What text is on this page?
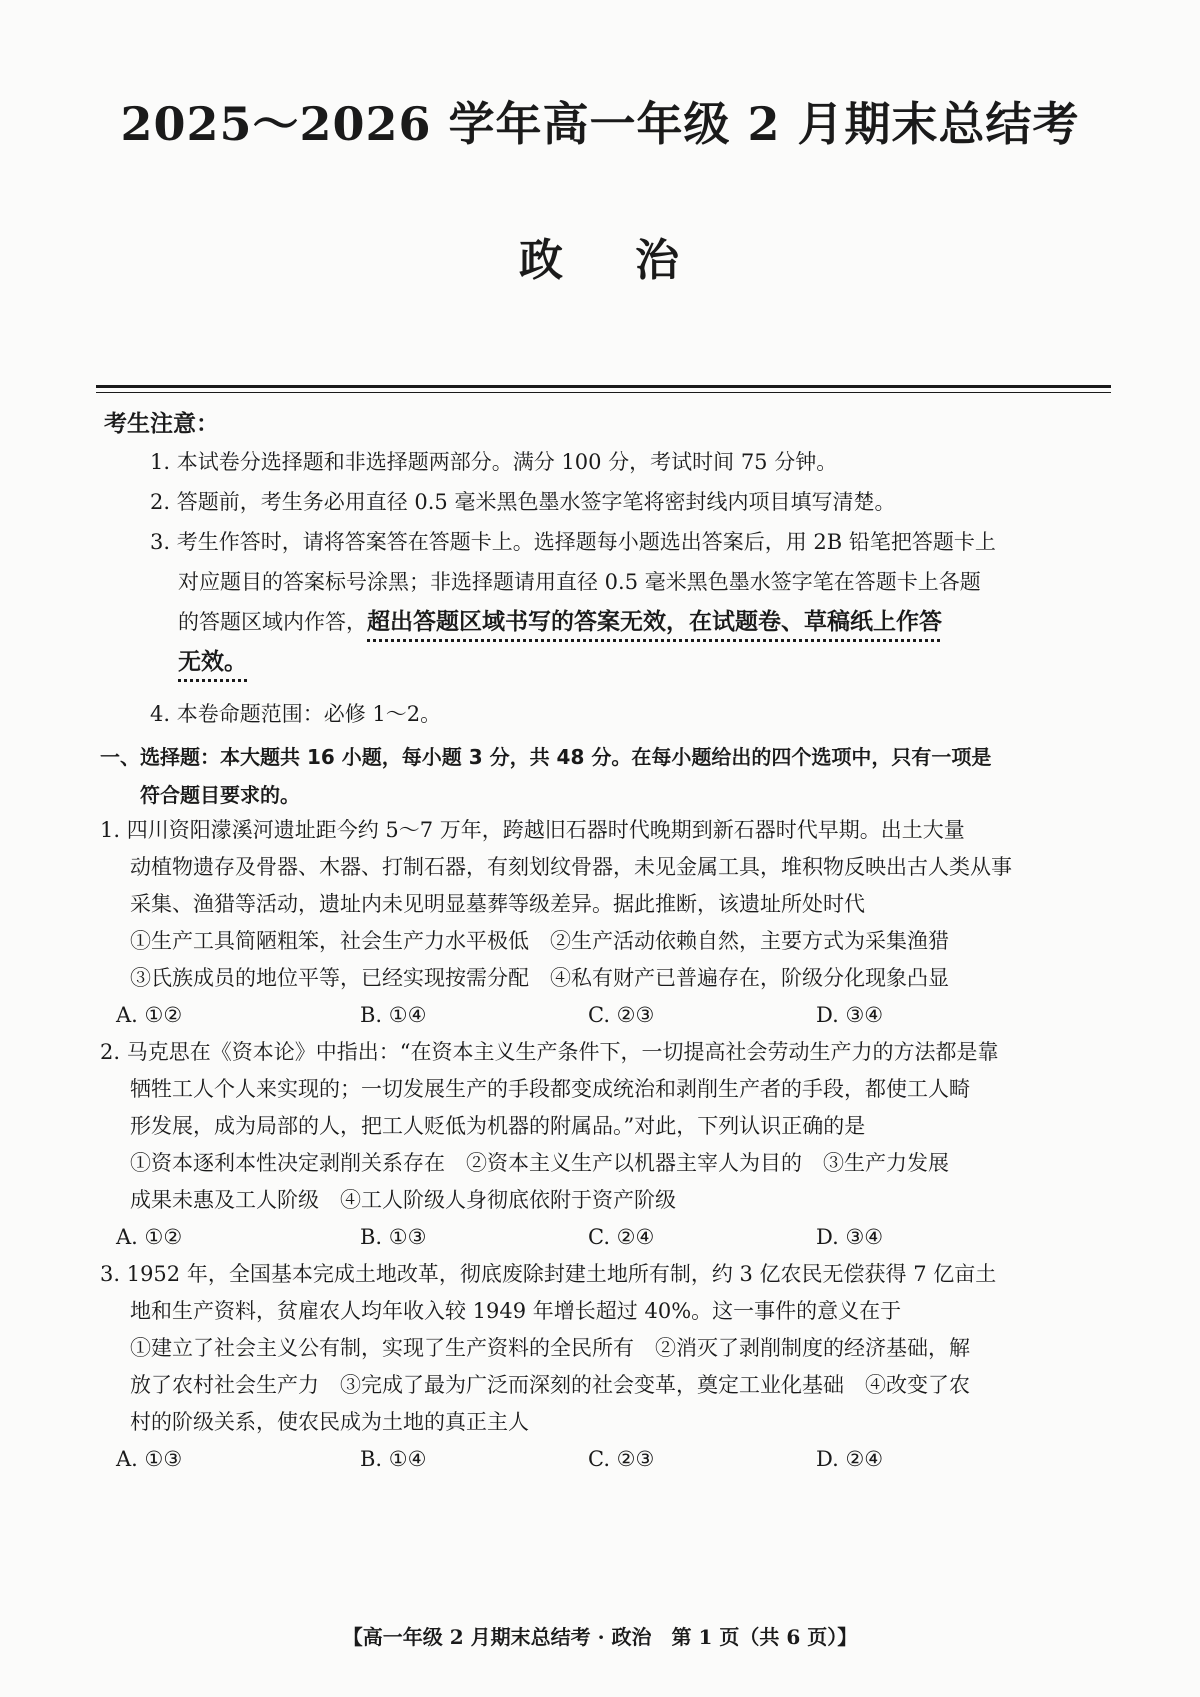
2025～2026 学年高一年级 2 月期末总结考
政 治
考生注意：
1. 本试卷分选择题和非选择题两部分。满分 100 分，考试时间 75 分钟。
2. 答题前，考生务必用直径 0.5 毫米黑色墨水签字笔将密封线内项目填写清楚。
3. 考生作答时，请将答案答在答题卡上。选择题每小题选出答案后，用 2B 铅笔把答题卡上
对应题目的答案标号涂黑；非选择题请用直径 0.5 毫米黑色墨水签字笔在答题卡上各题
的答题区域内作答，超出答题区域书写的答案无效，在试题卷、草稿纸上作答
无效。
4. 本卷命题范围：必修 1～2。
一、选择题：本大题共 16 小题，每小题 3 分，共 48 分。在每小题给出的四个选项中，只有一项是
符合题目要求的。
1. 四川资阳濛溪河遗址距今约 5～7 万年，跨越旧石器时代晚期到新石器时代早期。出土大量
动植物遗存及骨器、木器、打制石器，有刻划纹骨器，未见金属工具，堆积物反映出古人类从事
采集、渔猎等活动，遗址内未见明显墓葬等级差异。据此推断，该遗址所处时代
①生产工具简陋粗笨，社会生产力水平极低　②生产活动依赖自然，主要方式为采集渔猎
③氏族成员的地位平等，已经实现按需分配　④私有财产已普遍存在，阶级分化现象凸显
A. ①②	B. ①④	C. ②③	D. ③④
2. 马克思在《资本论》中指出：“在资本主义生产条件下，一切提高社会劳动生产力的方法都是靠
牺牲工人个人来实现的；一切发展生产的手段都变成统治和剥削生产者的手段，都使工人畸
形发展，成为局部的人，把工人贬低为机器的附属品。”对此，下列认识正确的是
①资本逐利本性决定剥削关系存在　②资本主义生产以机器主宰人为目的　③生产力发展
成果未惠及工人阶级　④工人阶级人身彻底依附于资产阶级
A. ①②	B. ①③	C. ②④	D. ③④
3. 1952 年，全国基本完成土地改革，彻底废除封建土地所有制，约 3 亿农民无偿获得 7 亿亩土
地和生产资料，贫雇农人均年收入较 1949 年增长超过 40%。这一事件的意义在于
①建立了社会主义公有制，实现了生产资料的全民所有　②消灭了剥削制度的经济基础，解
放了农村社会生产力　③完成了最为广泛而深刻的社会变革，奠定工业化基础　④改变了农
村的阶级关系，使农民成为土地的真正主人
A. ①③	B. ①④	C. ②③	D. ②④
【高一年级 2 月期末总结考 · 政治　第 1 页（共 6 页）】
